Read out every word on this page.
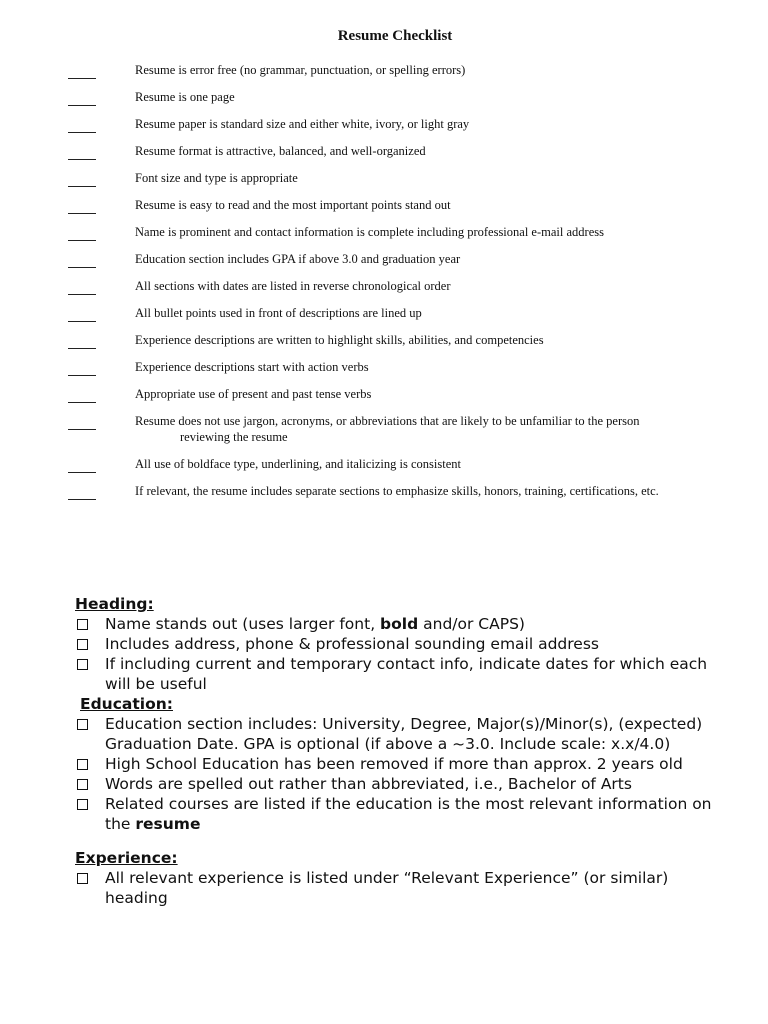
Resume Checklist
Resume is error free (no grammar, punctuation, or spelling errors)
Resume is one page
Resume paper is standard size and either white, ivory, or light gray
Resume format is attractive, balanced, and well-organized
Font size and type is appropriate
Resume is easy to read and the most important points stand out
Name is prominent and contact information is complete including professional e-mail address
Education section includes GPA if above 3.0 and graduation year
All sections with dates are listed in reverse chronological order
All bullet points used in front of descriptions are lined up
Experience descriptions are written to highlight skills, abilities, and competencies
Experience descriptions start with action verbs
Appropriate use of present and past tense verbs
Resume does not use jargon, acronyms, or abbreviations that are likely to be unfamiliar to the person
reviewing the resume
All use of boldface type, underlining, and italicizing is consistent
If relevant, the resume includes separate sections to emphasize skills, honors, training, certifications, etc.
Heading:
Name stands out (uses larger font, bold and/or CAPS)
Includes address, phone & professional sounding email address
If including current and temporary contact info, indicate dates for which each will be useful
Education:
Education section includes: University, Degree, Major(s)/Minor(s), (expected) Graduation Date. GPA is optional (if above a ~3.0. Include scale: x.x/4.0)
High School Education has been removed if more than approx. 2 years old
Words are spelled out rather than abbreviated, i.e., Bachelor of Arts
Related courses are listed if the education is the most relevant information on the resume
Experience:
All relevant experience is listed under “Relevant Experience” (or similar) heading
